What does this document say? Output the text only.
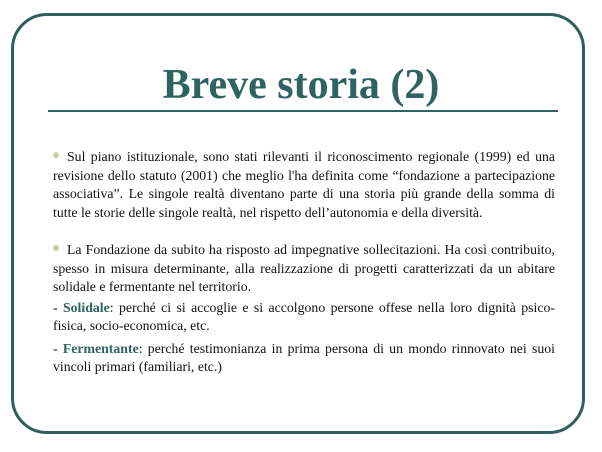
Breve storia (2)

Sul piano istituzionale, sono stati rilevanti il riconoscimento regionale (1999) ed una revisione dello statuto (2001) che meglio l'ha definita come “fondazione a partecipazione associativa”. Le singole realtà diventano parte di una storia più grande della somma di tutte le storie delle singole realtà, nel rispetto dell’autonomia e della diversità.

La Fondazione da subito ha risposto ad impegnative sollecitazioni. Ha così contribuito, spesso in misura determinante, alla realizzazione di progetti caratterizzati da un abitare solidale e fermentante nel territorio.

- Solidale: perché ci si accoglie e si accolgono persone offese nella loro dignità psico-fisica, socio-economica, etc.

- Fermentante: perché testimonianza in prima persona di un mondo rinnovato nei suoi vincoli primari (familiari, etc.)
